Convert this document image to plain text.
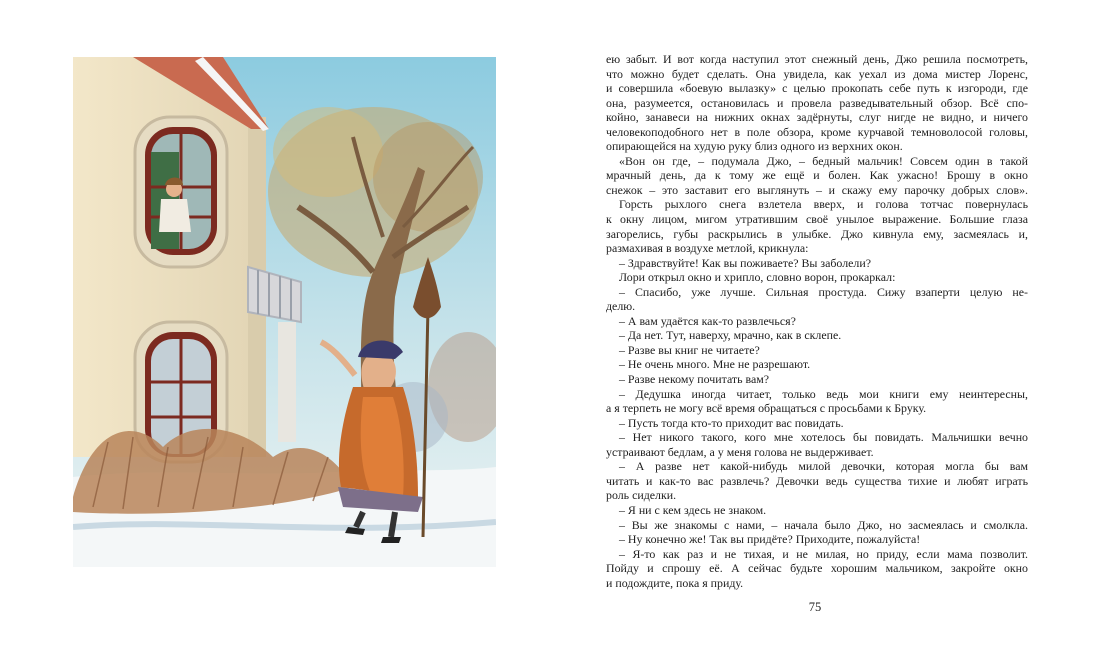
ею забыт. И вот когда наступил этот снежный день, Джо решила посмотреть,

что можно будет сделать. Она увидела, как уехал из дома мистер Лоренс,

и совершила «боевую вылазку» с целью прокопать себе путь к изгороди, где

она, разумеется, остановилась и провела разведывательный обзор. Всё спо-

койно, занавеси на нижних окнах задёрнуты, слуг нигде не видно, и ничего

человекоподобного нет в поле обзора, кроме курчавой темноволосой головы,

опирающейся на худую руку близ одного из верхних окон.

«Вон он где, – подумала Джо, – бедный мальчик! Совсем один в такой

мрачный день, да к тому же ещё и болен. Как ужасно! Брошу в окно

снежок – это заставит его выглянуть – и скажу ему парочку добрых слов».

Горсть рыхлого снега взлетела вверх, и голова тотчас повернулась

к окну лицом, мигом утратившим своё унылое выражение. Большие глаза

загорелись, губы раскрылись в улыбке. Джо кивнула ему, засмеялась и,

размахивая в воздухе метлой, крикнула:

– Здравствуйте! Как вы поживаете? Вы заболели?

Лори открыл окно и хрипло, словно ворон, прокаркал:

– Спасибо, уже лучше. Сильная простуда. Сижу взаперти целую не-

делю.

– А вам удаётся как-то развлечься?

– Да нет. Тут, наверху, мрачно, как в склепе.

– Разве вы книг не читаете?

– Не очень много. Мне не разрешают.

– Разве некому почитать вам?

– Дедушка иногда читает, только ведь мои книги ему неинтересны,

а я терпеть не могу всё время обращаться с просьбами к Бруку.

– Пусть тогда кто-то приходит вас повидать.

– Нет никого такого, кого мне хотелось бы повидать. Мальчишки вечно

устраивают бедлам, а у меня голова не выдерживает.

– А разве нет какой-нибудь милой девочки, которая могла бы вам

читать и как-то вас развлечь? Девочки ведь существа тихие и любят играть

роль сиделки.

– Я ни с кем здесь не знаком.

– Вы же знакомы с нами, – начала было Джо, но засмеялась и смолкла.

– Ну конечно же! Так вы придёте? Приходите, пожалуйста!

– Я-то как раз и не тихая, и не милая, но приду, если мама позволит.

Пойду и спрошу её. А сейчас будьте хорошим мальчиком, закройте окно

и подождите, пока я приду.

75
